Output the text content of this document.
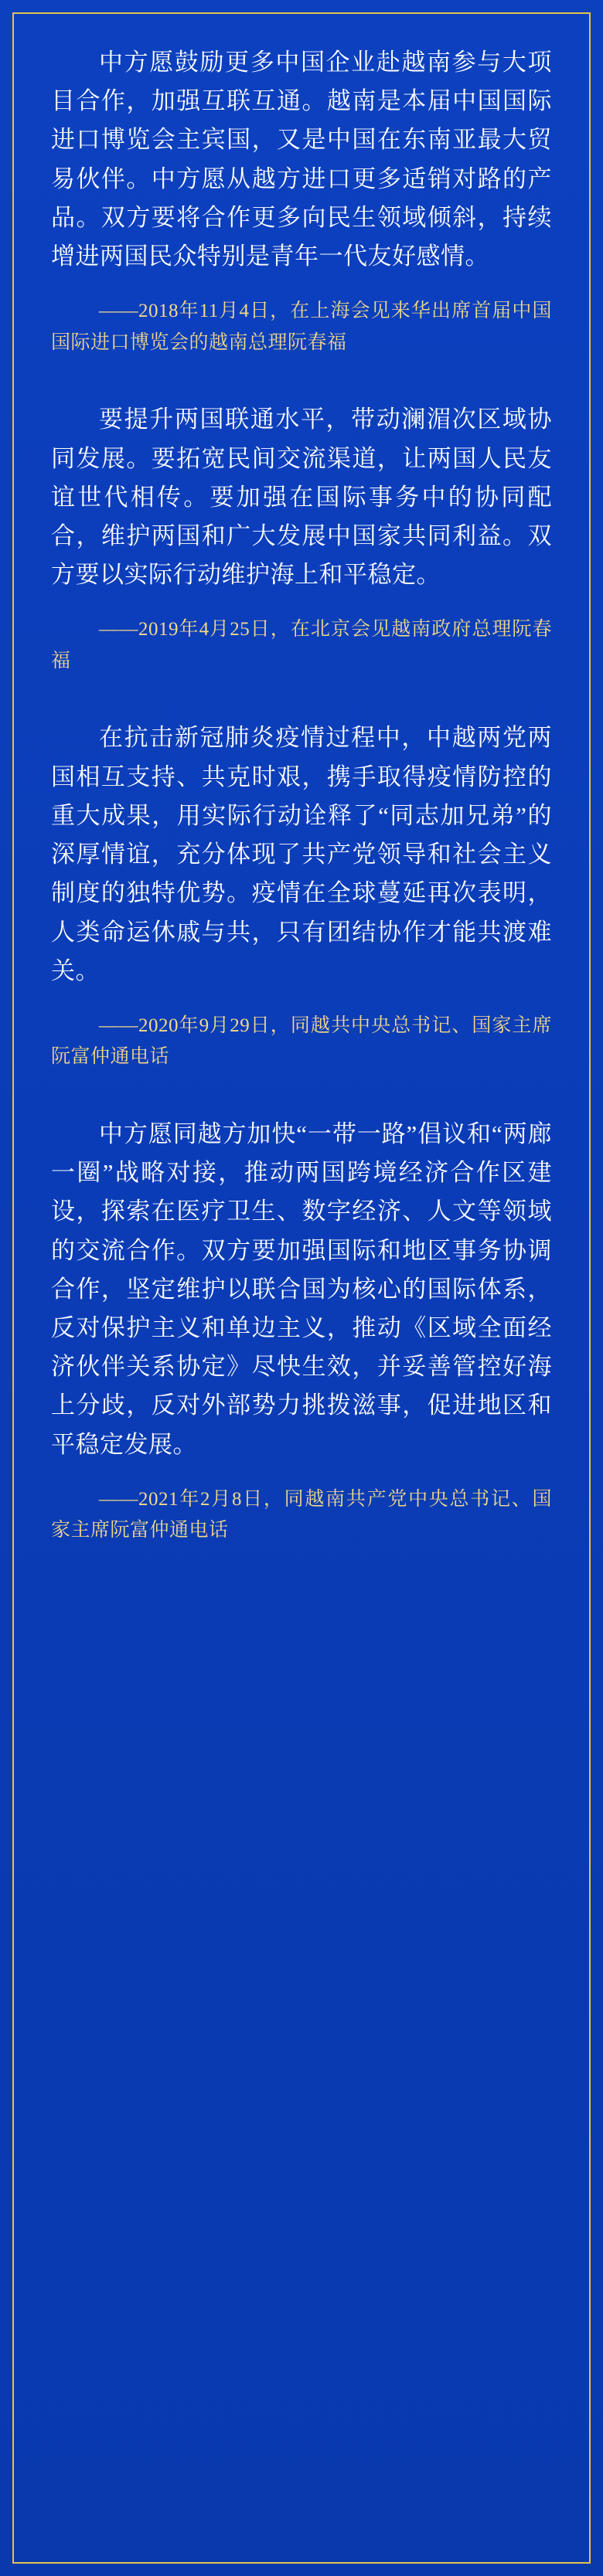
中方愿鼓励更多中国企业赴越南参与大项目合作，加强互联互通。越南是本届中国国际进口博览会主宾国，又是中国在东南亚最大贸易伙伴。中方愿从越方进口更多适销对路的产品。双方要将合作更多向民生领域倾斜，持续增进两国民众特别是青年一代友好感情。

——2018年11月4日，在上海会见来华出席首届中国国际进口博览会的越南总理阮春福

要提升两国联通水平，带动澜湄次区域协同发展。要拓宽民间交流渠道，让两国人民友谊世代相传。要加强在国际事务中的协同配合，维护两国和广大发展中国家共同利益。双方要以实际行动维护海上和平稳定。

——2019年4月25日，在北京会见越南政府总理阮春福

在抗击新冠肺炎疫情过程中，中越两党两国相互支持、共克时艰，携手取得疫情防控的重大成果，用实际行动诠释了“同志加兄弟”的深厚情谊，充分体现了共产党领导和社会主义制度的独特优势。疫情在全球蔓延再次表明，人类命运休戚与共，只有团结协作才能共渡难关。

——2020年9月29日，同越共中央总书记、国家主席阮富仲通电话

中方愿同越方加快“一带一路”倡议和“两廊一圈”战略对接，推动两国跨境经济合作区建设，探索在医疗卫生、数字经济、人文等领域的交流合作。双方要加强国际和地区事务协调合作，坚定维护以联合国为核心的国际体系，反对保护主义和单边主义，推动《区域全面经济伙伴关系协定》尽快生效，并妥善管控好海上分歧，反对外部势力挑拨滋事，促进地区和平稳定发展。

——2021年2月8日，同越南共产党中央总书记、国家主席阮富仲通电话
